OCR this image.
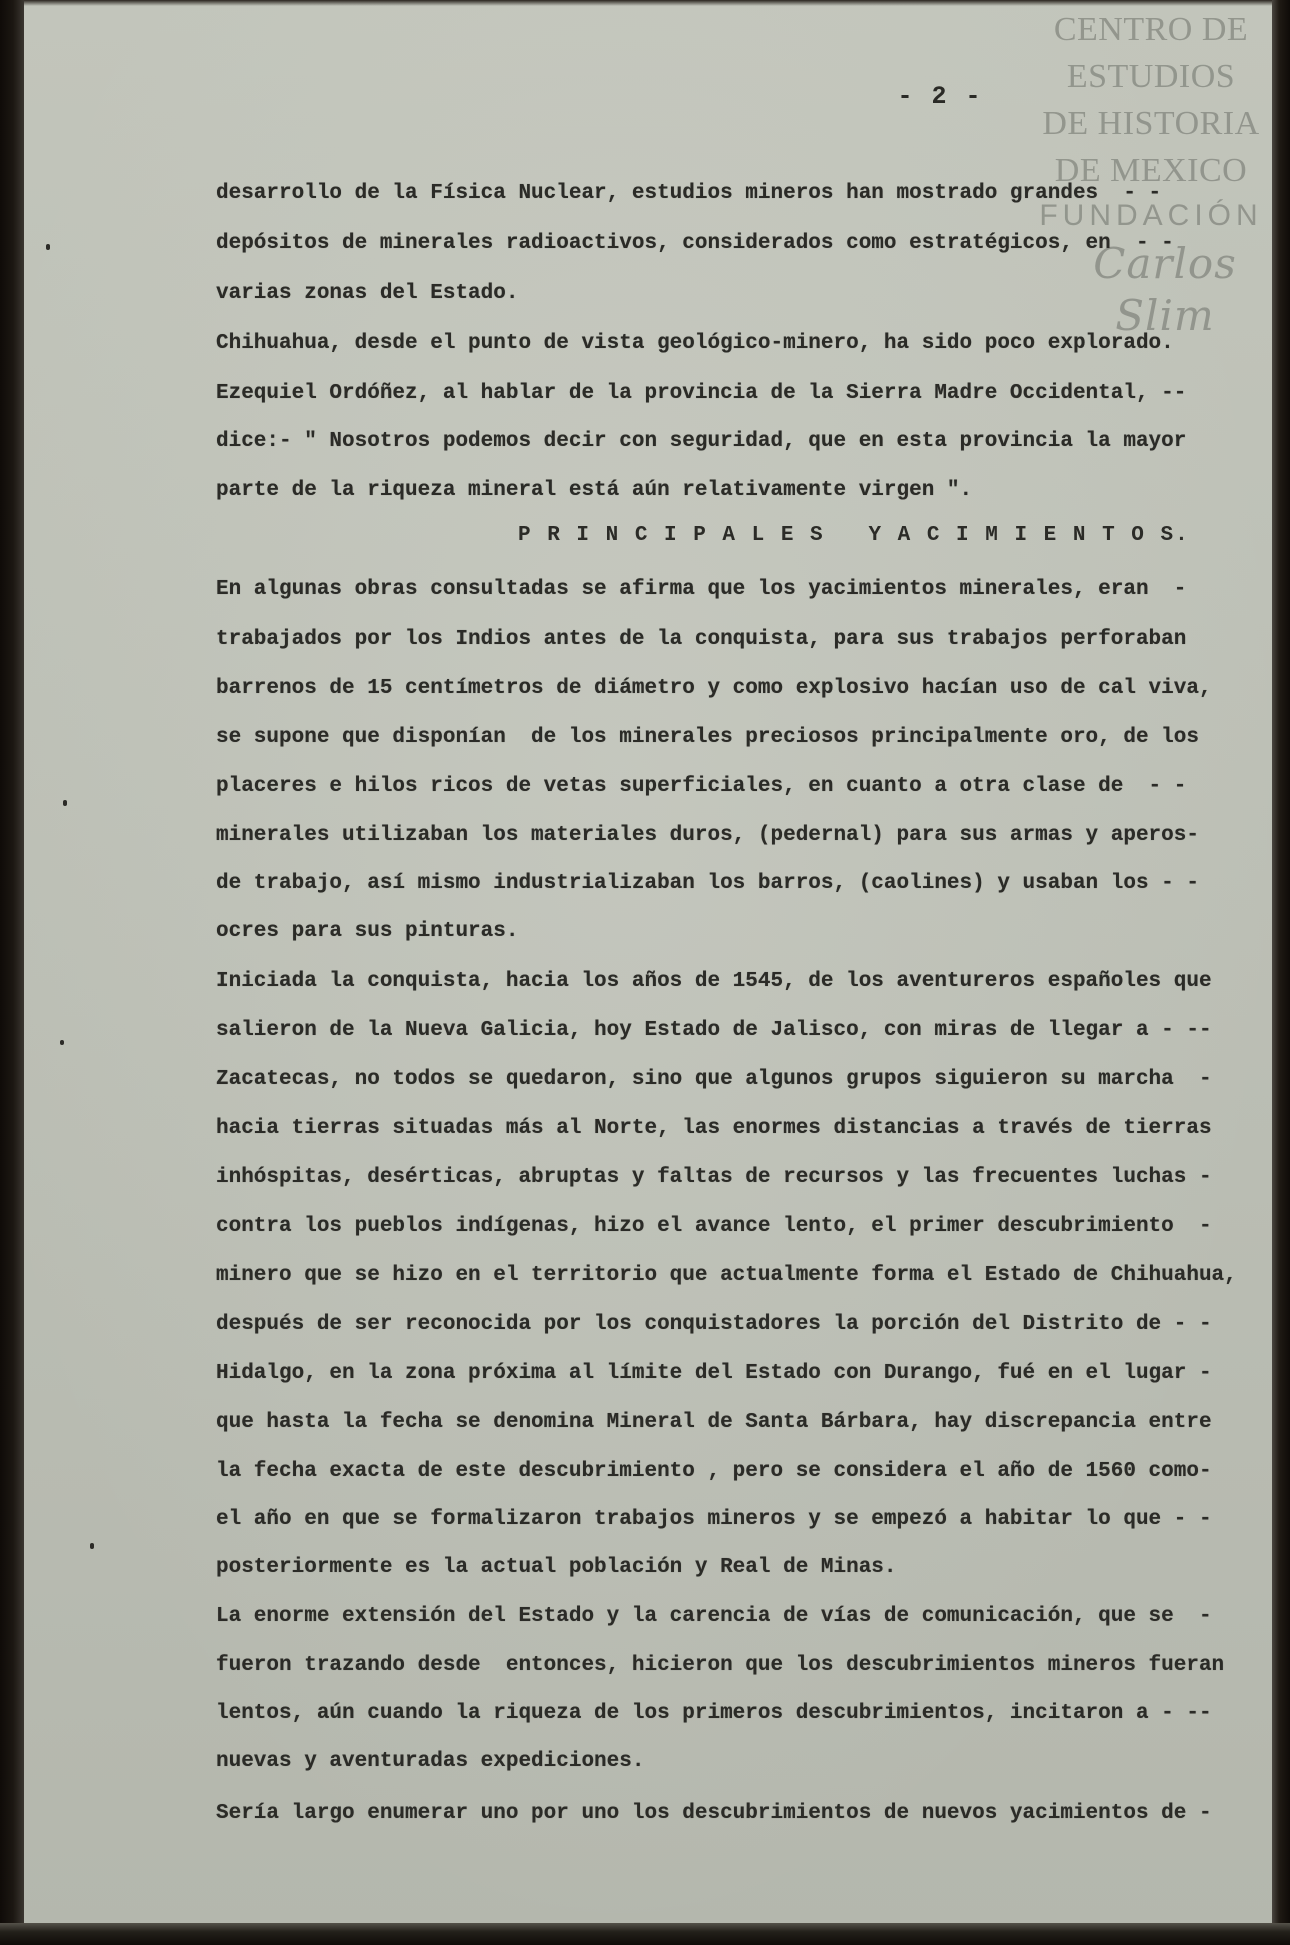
CENTRO DE
ESTUDIOS
DE HISTORIA
DE MEXICO
FUNDACIÓN
Carlos Slim
- 2 -
desarrollo de la Física Nuclear, estudios mineros han mostrado grandes  - -
depósitos de minerales radioactivos, considerados como estratégicos, en  - -
varias zonas del Estado.
Chihuahua, desde el punto de vista geológico-minero, ha sido poco explorado.
Ezequiel Ordóñez, al hablar de la provincia de la Sierra Madre Occidental, --
dice:- " Nosotros podemos decir con seguridad, que en esta provincia la mayor
parte de la riqueza mineral está aún relativamente virgen ".
P R I N C I P A L E S   Y A C I M I E N T O S.
En algunas obras consultadas se afirma que los yacimientos minerales, eran  -
trabajados por los Indios antes de la conquista, para sus trabajos perforaban
barrenos de 15 centímetros de diámetro y como explosivo hacían uso de cal viva,
se supone que disponían  de los minerales preciosos principalmente oro, de los
placeres e hilos ricos de vetas superficiales, en cuanto a otra clase de  - -
minerales utilizaban los materiales duros, (pedernal) para sus armas y aperos-
de trabajo, así mismo industrializaban los barros, (caolines) y usaban los - -
ocres para sus pinturas.
Iniciada la conquista, hacia los años de 1545, de los aventureros españoles que
salieron de la Nueva Galicia, hoy Estado de Jalisco, con miras de llegar a - --
Zacatecas, no todos se quedaron, sino que algunos grupos siguieron su marcha  -
hacia tierras situadas más al Norte, las enormes distancias a través de tierras
inhóspitas, desérticas, abruptas y faltas de recursos y las frecuentes luchas -
contra los pueblos indígenas, hizo el avance lento, el primer descubrimiento  -
minero que se hizo en el territorio que actualmente forma el Estado de Chihuahua,
después de ser reconocida por los conquistadores la porción del Distrito de - -
Hidalgo, en la zona próxima al límite del Estado con Durango, fué en el lugar -
que hasta la fecha se denomina Mineral de Santa Bárbara, hay discrepancia entre
la fecha exacta de este descubrimiento , pero se considera el año de 1560 como-
el año en que se formalizaron trabajos mineros y se empezó a habitar lo que - -
posteriormente es la actual población y Real de Minas.
La enorme extensión del Estado y la carencia de vías de comunicación, que se  -
fueron trazando desde  entonces, hicieron que los descubrimientos mineros fueran
lentos, aún cuando la riqueza de los primeros descubrimientos, incitaron a - --
nuevas y aventuradas expediciones.
Sería largo enumerar uno por uno los descubrimientos de nuevos yacimientos de -
